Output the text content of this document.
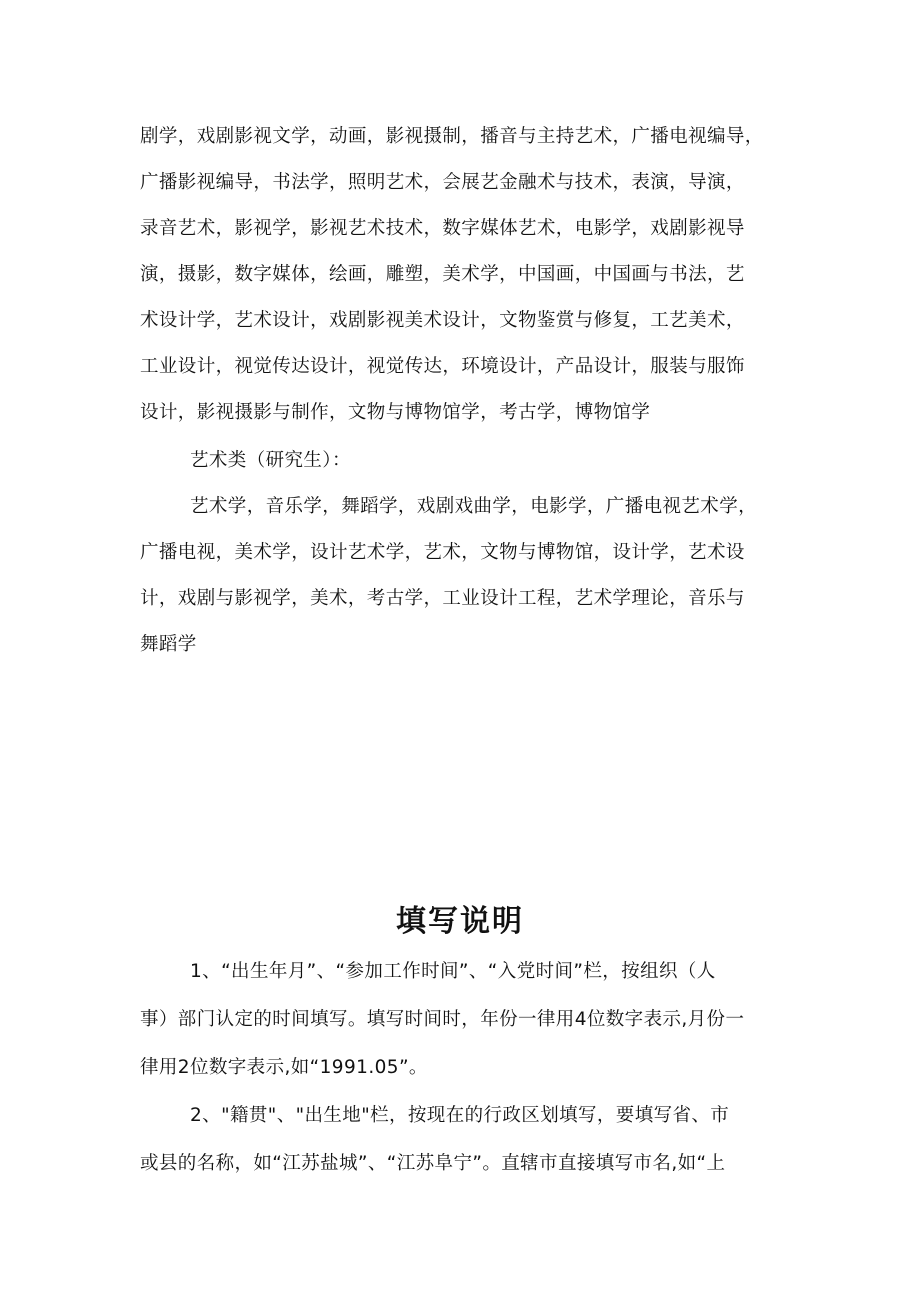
剧学，戏剧影视文学，动画，影视摄制，播音与主持艺术，广播电视编导，
广播影视编导，书法学，照明艺术，会展艺金融术与技术，表演，导演，
录音艺术，影视学，影视艺术技术，数字媒体艺术，电影学，戏剧影视导
演，摄影，数字媒体，绘画，雕塑，美术学，中国画，中国画与书法，艺
术设计学，艺术设计，戏剧影视美术设计，文物鉴赏与修复，工艺美术，
工业设计，视觉传达设计，视觉传达，环境设计，产品设计，服装与服饰
设计，影视摄影与制作，文物与博物馆学，考古学，博物馆学
艺术类（研究生）：
艺术学，音乐学，舞蹈学，戏剧戏曲学，电影学，广播电视艺术学，
广播电视，美术学，设计艺术学，艺术，文物与博物馆，设计学，艺术设
计，戏剧与影视学，美术，考古学，工业设计工程，艺术学理论，音乐与
舞蹈学
填写说明
1、“出生年月”、“参加工作时间”、“入党时间”栏，按组织（人
事）部门认定的时间填写。填写时间时，年份一律用4位数字表示,月份一
律用2位数字表示,如“1991.05”。
2、"籍贯"、"出生地"栏，按现在的行政区划填写，要填写省、市
或县的名称，如“江苏盐城”、“江苏阜宁”。直辖市直接填写市名,如“上
